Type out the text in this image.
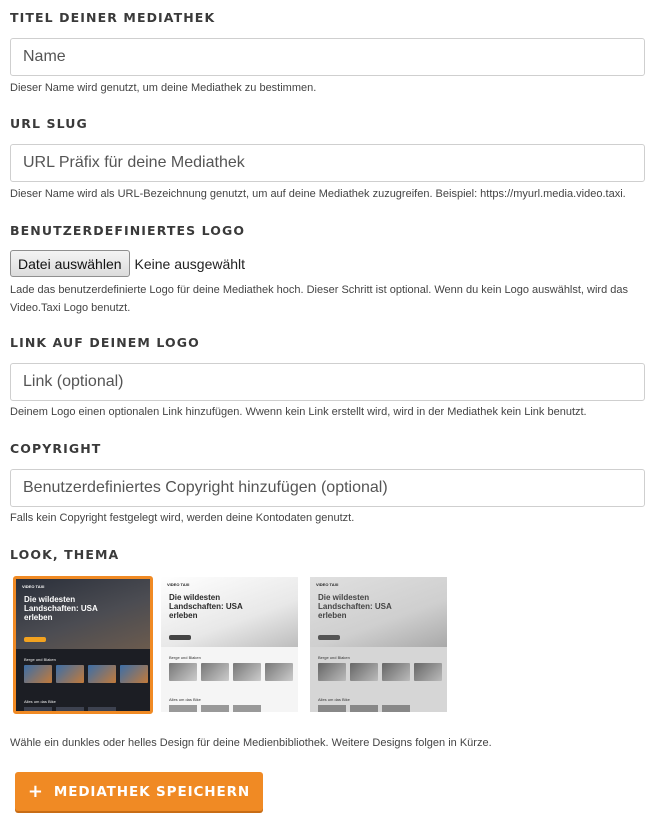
TITEL DEINER MEDIATHEK
Name
Dieser Name wird genutzt, um deine Mediathek zu bestimmen.
URL SLUG
URL Präfix für deine Mediathek
Dieser Name wird als URL-Bezeichnung genutzt, um auf deine Mediathek zuzugreifen. Beispiel: https://myurl.media.video.taxi.
BENUTZERDEFINIERTES LOGO
Datei auswählen Keine ausgewählt
Lade das benutzerdefinierte Logo für deine Mediathek hoch. Dieser Schritt ist optional. Wenn du kein Logo auswählst, wird das Video.Taxi Logo benutzt.
LINK AUF DEINEM LOGO
Link (optional)
Deinem Logo einen optionalen Link hinzufügen. Wwenn kein Link erstellt wird, wird in der Mediathek kein Link benutzt.
COPYRIGHT
Benutzerdefiniertes Copyright hinzufügen (optional)
Falls kein Copyright festgelegt wird, werden deine Kontodaten genutzt.
LOOK, THEMA
VIDEO TAXI
Die wildesten Landschaften: USA erleben
Berge und Blaken
Alles um das Bike
VIDEO TAXI
Die wildesten Landschaften: USA erleben
Berge und Blaken
Alles um das Bike
VIDEO TAXI
Die wildesten Landschaften: USA erleben
Berge und Blaken
Alles um das Bike
Wähle ein dunkles oder helles Design für deine Medienbibliothek. Weitere Designs folgen in Kürze.
+ MEDIATHEK SPEICHERN
